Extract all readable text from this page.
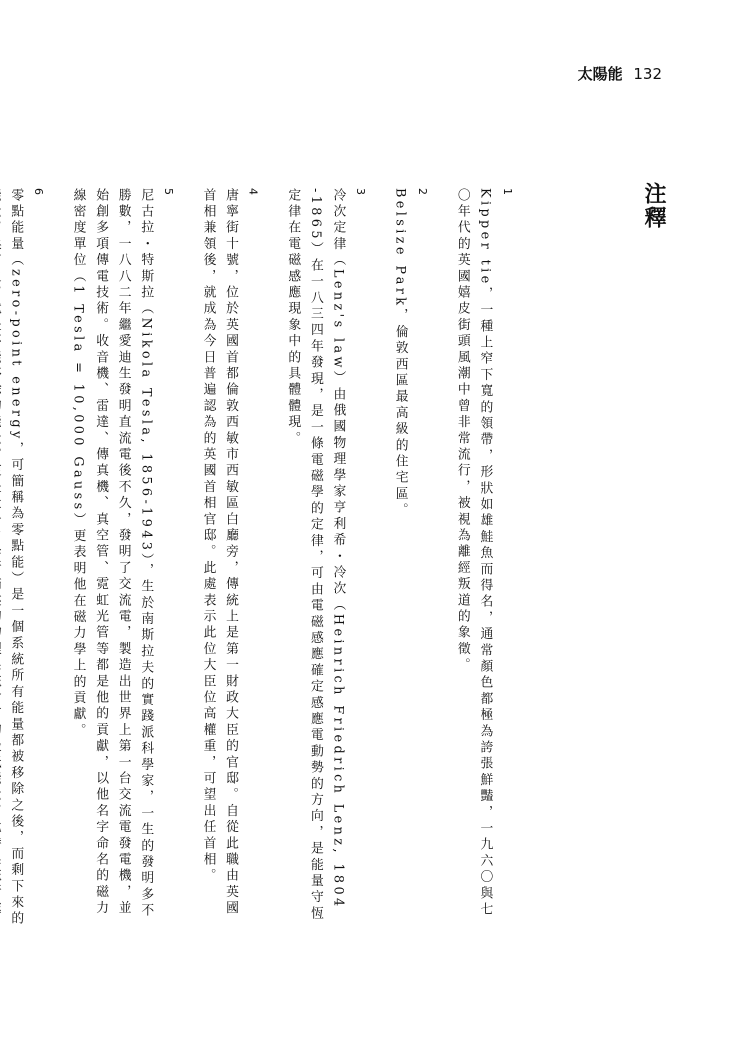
太陽能 132
注釋

1
Kipper tie，一種上窄下寬的領帶，形狀如雄鮭魚而得名，通常顏色都極為誇張鮮豔，一九六〇與七〇年代的英國嬉皮街頭風潮中曾非常流行，被視為離經叛道的象徵。

2
Belsize Park，倫敦西區最高級的住宅區。

3
冷次定律（Lenz's law）由俄國物理學家亨利希・冷次（Heinrich Friedrich Lenz, 1804 -1865）在一八三四年發現，是一條電磁學的定律，可由電磁感應確定感應電動勢的方向，是能量守恆定律在電磁感應現象中的具體體現。

4
唐寧街十號，位於英國首都倫敦西敏市西敏區白廳旁，傳統上是第一財政大臣的官邸。自從此職由英國首相兼領後，就成為今日普遍認為的英國首相官邸。此處表示此位大臣位高權重，可望出任首相。

5
尼古拉・特斯拉（Nikola Tesla, 1856-1943），生於南斯拉夫的實踐派科學家，一生的發明多不勝數，一八八二年繼愛迪生發明直流電後不久，發明了交流電，製造出世界上第一台交流電發電機，並始創多項傳電技術。收音機、雷達、傳真機、真空管、霓虹光管等都是他的貢獻，以他名字命名的磁力線密度單位（1 Tesla = 10,000 Gauss）更表明他在磁力學上的貢獻。

6
零點能量（zero-point energy，可簡稱為零點能）是一個系統所有能量都被移除之後，而剩下來的
